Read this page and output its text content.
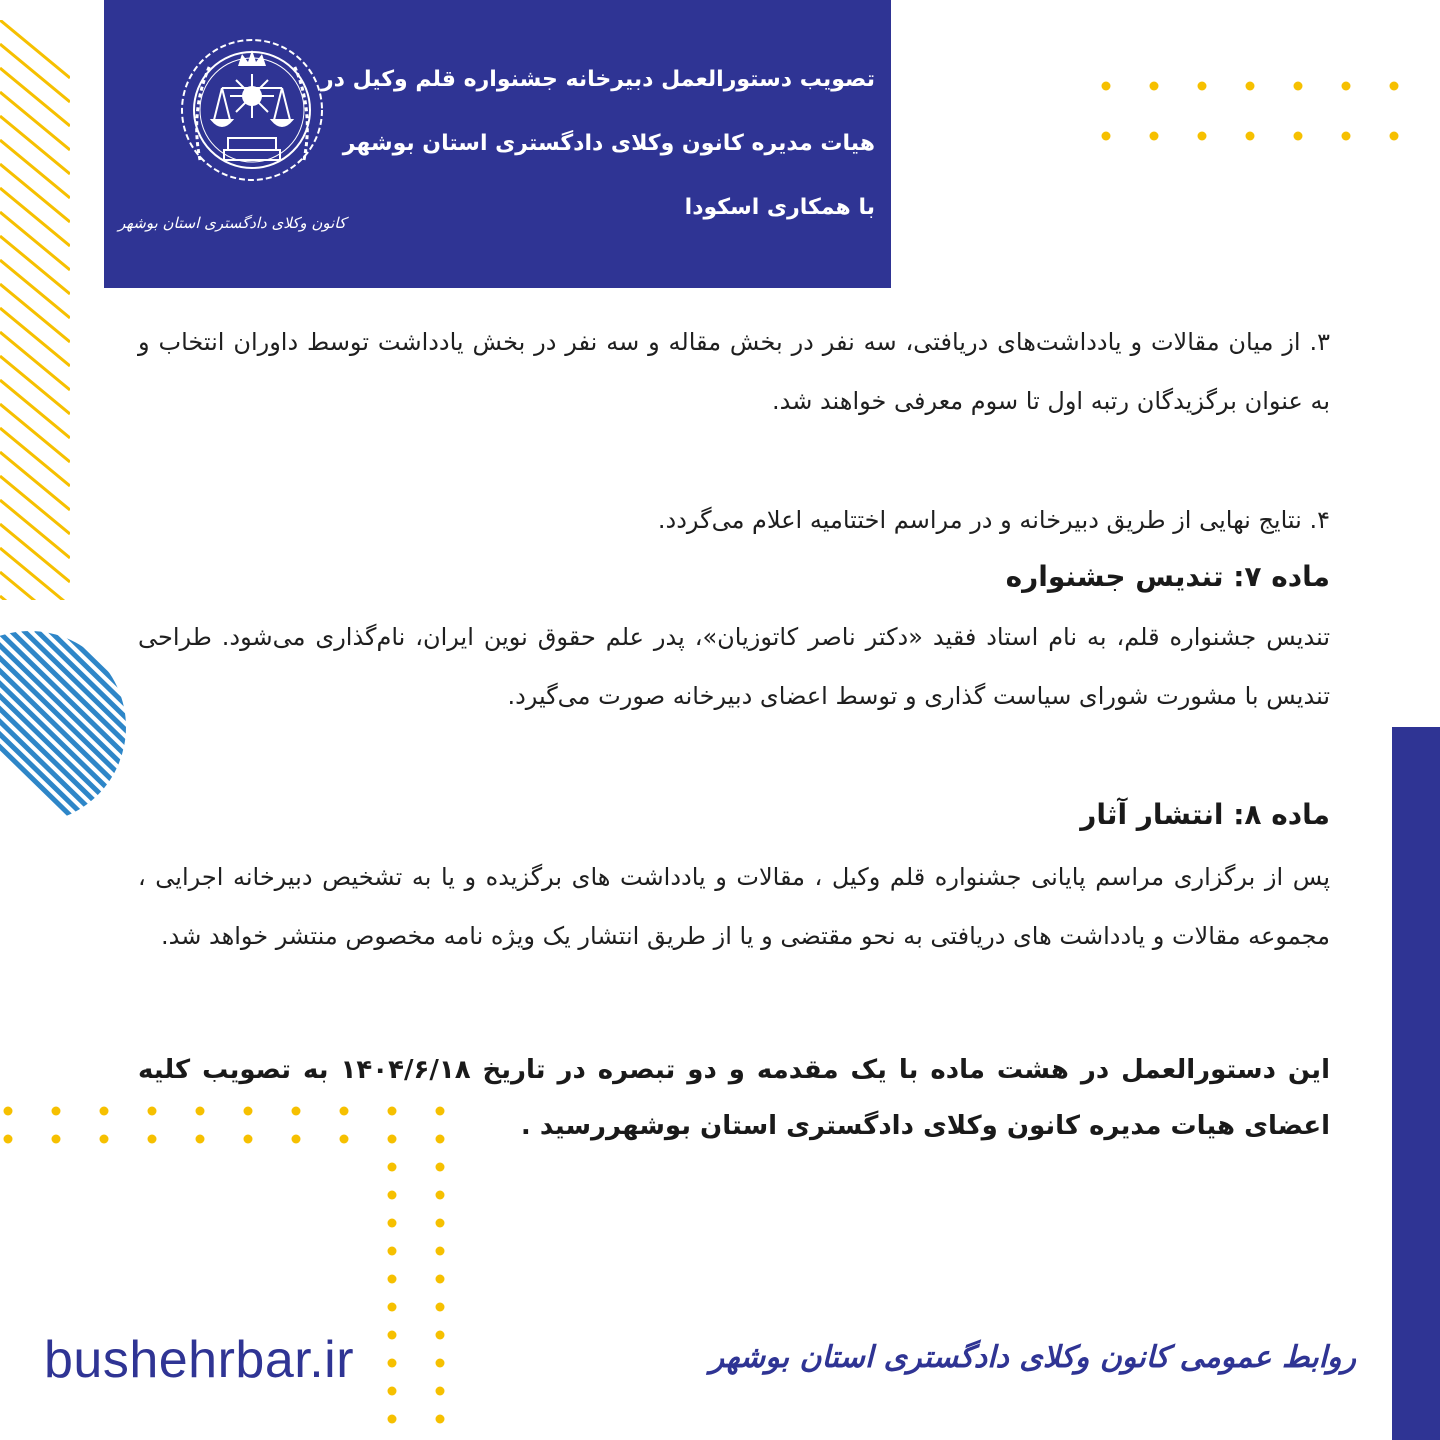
کانون وکلای دادگستری استان بوشهر
تصویب دستورالعمل دبیرخانه جشنواره قلم وکیل در
هیات مدیره کانون وکلای دادگستری استان بوشهر
با همکاری اسکودا
۳. از میان مقالات و یادداشت‌های دریافتی، سه نفر در بخش مقاله و سه نفر در بخش یادداشت توسط داوران انتخاب و به عنوان برگزیدگان رتبه اول تا سوم معرفی خواهند شد.
۴. نتایج نهایی از طریق دبیرخانه و در مراسم اختتامیه اعلام می‌گردد.
ماده ۷: تندیس جشنواره
تندیس جشنواره قلم، به نام استاد فقید «دکتر ناصر کاتوزیان»، پدر علم حقوق نوین ایران، نام‌گذاری می‌شود. طراحی تندیس با مشورت شورای سیاست گذاری و توسط اعضای دبیرخانه صورت می‌گیرد.
ماده ۸: انتشار آثار
پس از برگزاری مراسم پایانی جشنواره قلم وکیل ، مقالات و یادداشت های برگزیده و یا به تشخیص دبیرخانه اجرایی ، مجموعه مقالات و یادداشت های دریافتی به نحو مقتضی و یا از طریق انتشار یک ویژه نامه مخصوص منتشر خواهد شد.
این دستورالعمل در هشت ماده با یک مقدمه و دو تبصره در تاریخ ۱۴۰۴/۶/۱۸ به تصویب کلیه اعضای هیات مدیره کانون وکلای دادگستری استان بوشهررسید .
bushehrbar.ir	روابط عمومی کانون وکلای دادگستری استان بوشهر
